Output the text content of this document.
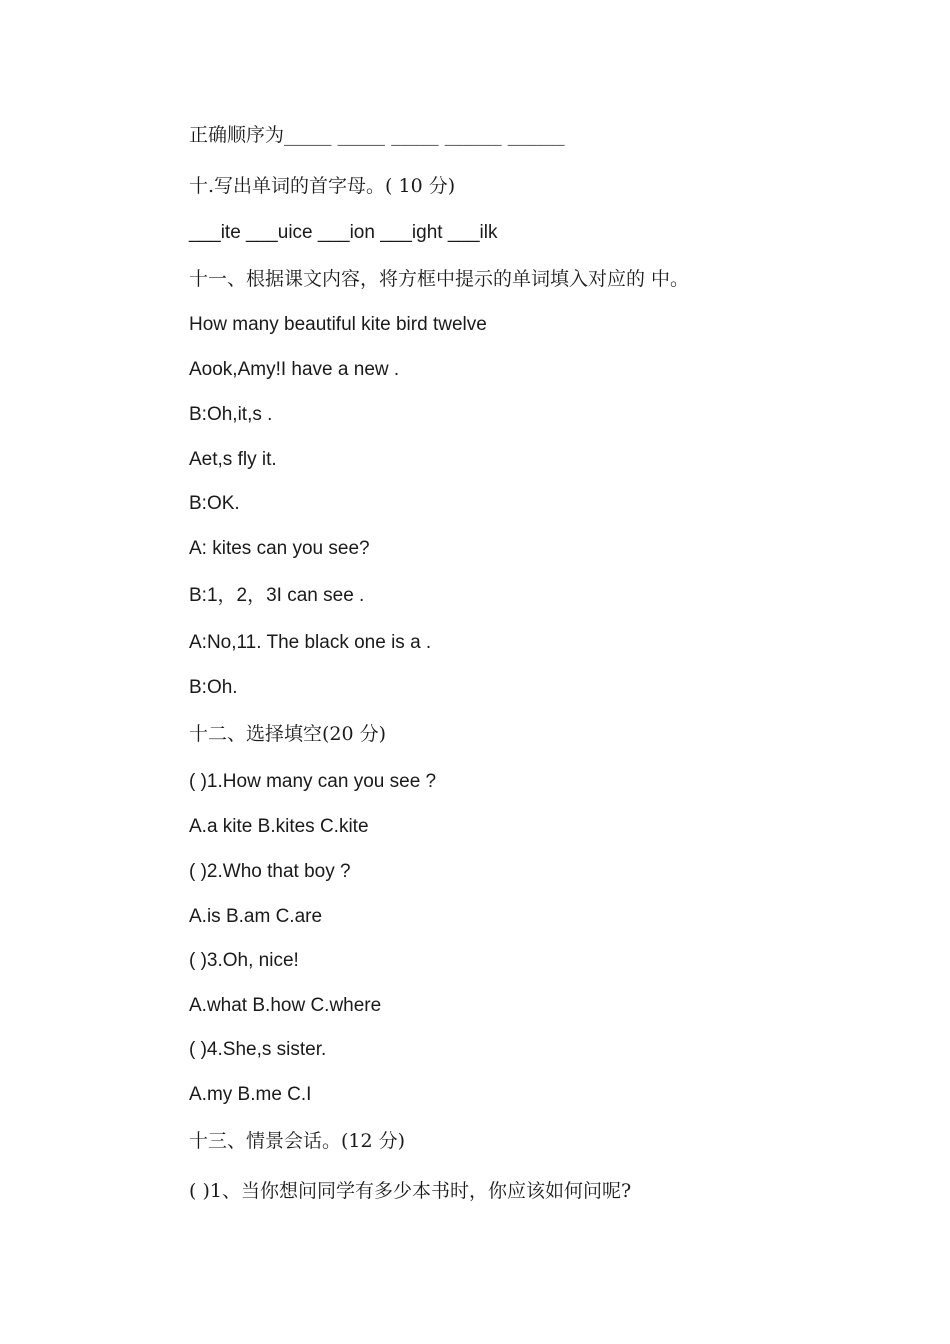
正确顺序为_____ _____ _____ ______ ______
十.写出单词的首字母。( 10 分)
___ite ___uice ___ion ___ight ___ilk
十一、根据课文内容，将方框中提示的单词填入对应的 中。
How many beautiful kite bird twelve
Aook,Amy!I have a new .
B:Oh,it,s .
Aet,s fly it.
B:OK.
A: kites can you see?
B:1，2，3I can see .
A:No,11. The black one is a .
B:Oh.
十二、选择填空(20 分)
( )1.How many can you see ?
A.a kite B.kites C.kite
( )2.Who that boy ?
A.is B.am C.are
( )3.Oh, nice!
A.what B.how C.where
( )4.She,s sister.
A.my B.me C.I
十三、情景会话。(12 分)
( )1、当你想问同学有多少本书时，你应该如何问呢?
